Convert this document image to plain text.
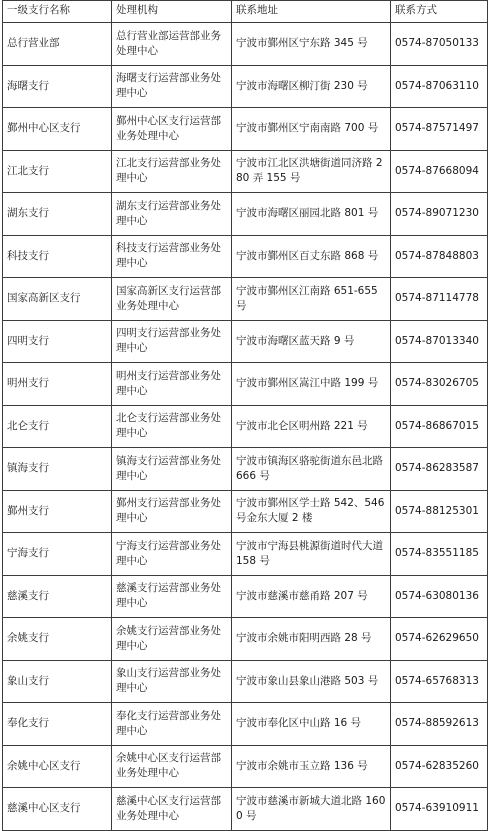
一级支行名称	处理机构	联系地址	联系方式
总行营业部	总行营业部运营部业务处理中心	宁波市鄞州区宁东路 345 号	0574-87050133
海曙支行	海曙支行运营部业务处理中心	宁波市海曙区柳汀街 230 号	0574-87063110
鄞州中心区支行	鄞州中心区支行运营部业务处理中心	宁波市鄞州区宁南南路 700 号	0574-87571497
江北支行	江北支行运营部业务处理中心	宁波市江北区洪塘街道同济路 280 弄 155 号	0574-87668094
湖东支行	湖东支行运营部业务处理中心	宁波市海曙区丽园北路 801 号	0574-89071230
科技支行	科技支行运营部业务处理中心	宁波市鄞州区百丈东路 868 号	0574-87848803
国家高新区支行	国家高新区支行运营部业务处理中心	宁波市鄞州区江南路 651-655 号	0574-87114778
四明支行	四明支行运营部业务处理中心	宁波市海曙区蓝天路 9 号	0574-87013340
明州支行	明州支行运营部业务处理中心	宁波市鄞州区嵩江中路 199 号	0574-83026705
北仑支行	北仑支行运营部业务处理中心	宁波市北仑区明州路 221 号	0574-86867015
镇海支行	镇海支行运营部业务处理中心	宁波市镇海区骆驼街道东邑北路 666 号	0574-86283587
鄞州支行	鄞州支行运营部业务处理中心	宁波市鄞州区学士路 542、546 号金东大厦 2 楼	0574-88125301
宁海支行	宁海支行运营部业务处理中心	宁波市宁海县桃源街道时代大道 158 号	0574-83551185
慈溪支行	慈溪支行运营部业务处理中心	宁波市慈溪市慈甬路 207 号	0574-63080136
余姚支行	余姚支行运营部业务处理中心	宁波市余姚市阳明西路 28 号	0574-62629650
象山支行	象山支行运营部业务处理中心	宁波市象山县象山港路 503 号	0574-65768313
奉化支行	奉化支行运营部业务处理中心	宁波市奉化区中山路 16 号	0574-88592613
余姚中心区支行	余姚中心区支行运营部业务处理中心	宁波市余姚市玉立路 136 号	0574-62835260
慈溪中心区支行	慈溪中心区支行运营部业务处理中心	宁波市慈溪市新城大道北路 1600 号	0574-63910911
